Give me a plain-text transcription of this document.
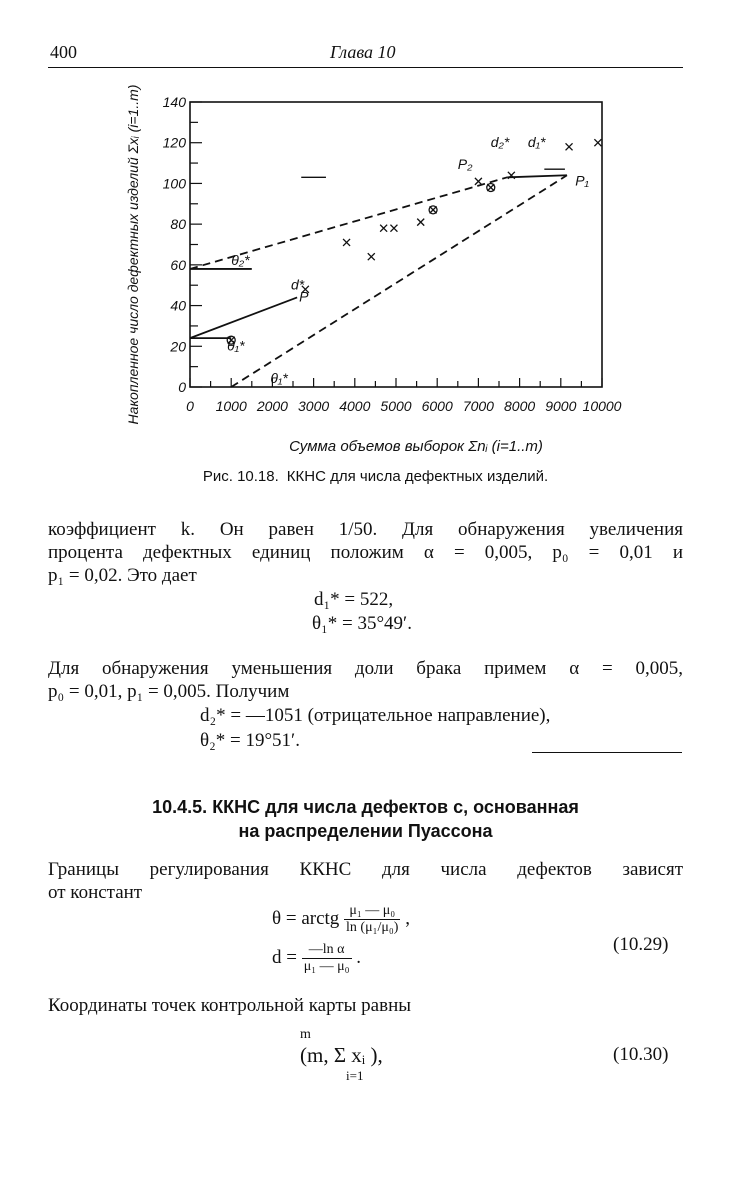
400	Глава 10
0 1000 2000 3000 4000 5000 6000 7000 8000 9000 10000
0
20
40
60
80
100
120
140
P₂
d₂* d₁*
P₁
P
d*
θ₂*
θ₁*
θ₁*
Накопленное число дефектных изделий Σxᵢ (i=1..m)
Сумма объемов выборок Σnᵢ (i=1..m)
Рис. 10.18. ККНС для числа дефектных изделий.
коэффициент k. Он равен 1/50. Для обнаружения увеличения
процента дефектных единиц положим α = 0,005, p₀ = 0,01 и
p₁ = 0,02. Это дает
d₁* = 522,
θ₁* = 35°49′.
Для обнаружения уменьшения доли брака примем α = 0,005,
p₀ = 0,01, p₁ = 0,005. Получим
d₂* = —1051 (отрицательное направление),
θ₂* = 19°51′.
10.4.5. ККНС для числа дефектов c, основанная
на распределении Пуассона
Границы регулирования ККНС для числа дефектов зависят
от констант
θ = arctg $\frac{\text{μ₁ — μ₀}}{\text{ln (μ₁/μ₀)}}$ ,
$d = \frac{\text{—ln α}}{\text{μ₁ — μ₀}}$ .
(10.29)
Координаты точек контрольной карты равны
m
(m, Σ xᵢ ),
i=1
(10.30)
